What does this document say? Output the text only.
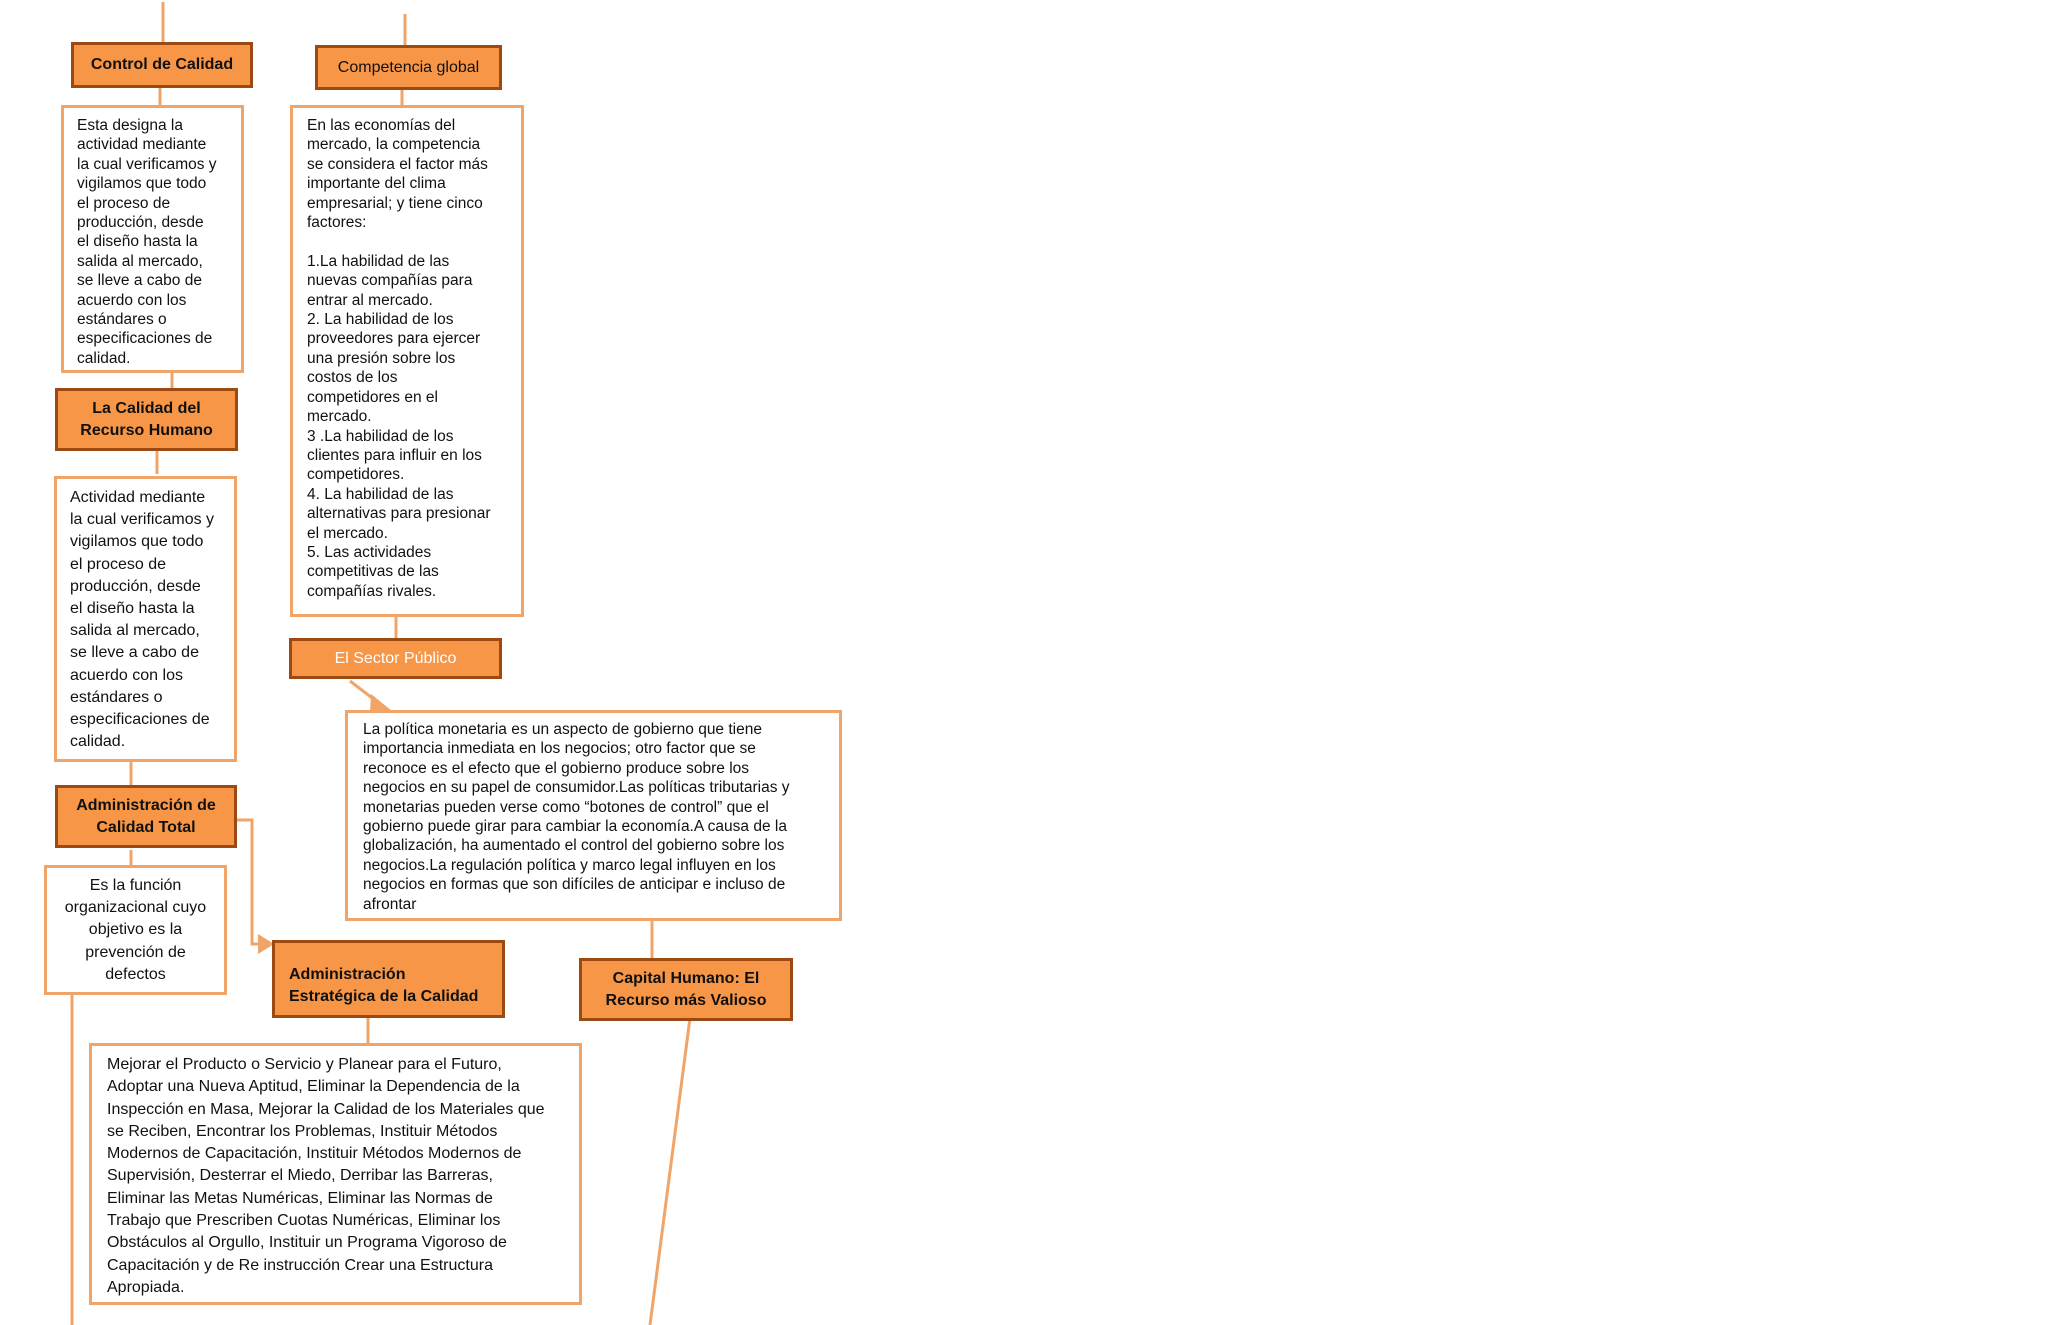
Control de Calidad
Esta designa la
actividad mediante
la cual verificamos y
vigilamos que todo
el proceso de
producción, desde
el diseño hasta la
salida al mercado,
se lleve a cabo de
acuerdo con los
estándares o
especificaciones de
calidad.
Competencia global
En las economías del
mercado, la competencia
se considera el factor más
importante del clima
empresarial; y tiene cinco
factores:

1.La habilidad de las
nuevas compañías para
entrar al mercado.
2. La habilidad de los
proveedores para ejercer
una presión sobre los
costos de los
competidores en el
mercado.
3 .La habilidad de los
clientes para influir en los
competidores.
4. La habilidad de las
alternativas para presionar
el mercado.
5. Las actividades
competitivas de las
compañías rivales.
La Calidad del
Recurso Humano
Actividad mediante
la cual verificamos y
vigilamos que todo
el proceso de
producción, desde
el diseño hasta la
salida al mercado,
se lleve a cabo de
acuerdo con los
estándares o
especificaciones de
calidad.
El Sector Público
La política monetaria es un aspecto de gobierno que tiene
importancia inmediata en los negocios; otro factor que se
reconoce es el efecto que el gobierno produce sobre los
negocios en su papel de consumidor.Las políticas tributarias y
monetarias pueden verse como “botones de control” que el
gobierno puede girar para cambiar la economía.A causa de la
globalización, ha aumentado el control del gobierno sobre los
negocios.La regulación política y marco legal influyen en los
negocios en formas que son difíciles de anticipar e incluso de
afrontar
Administración de
Calidad Total
Es la función
organizacional cuyo
objetivo es la
prevención de
defectos	Administración
Estratégica de la Calidad
Mejorar el Producto o Servicio y Planear para el Futuro,
Adoptar una Nueva Aptitud, Eliminar la Dependencia de la
Inspección en Masa, Mejorar la Calidad de los Materiales que
se Reciben, Encontrar los Problemas, Instituir Métodos
Modernos de Capacitación, Instituir Métodos Modernos de
Supervisión, Desterrar el Miedo, Derribar las Barreras,
Eliminar las Metas Numéricas, Eliminar las Normas de
Trabajo que Prescriben Cuotas Numéricas, Eliminar los
Obstáculos al Orgullo, Instituir un Programa Vigoroso de
Capacitación y de Re instrucción Crear una Estructura
Apropiada.
Capital Humano: El
Recurso más Valioso
